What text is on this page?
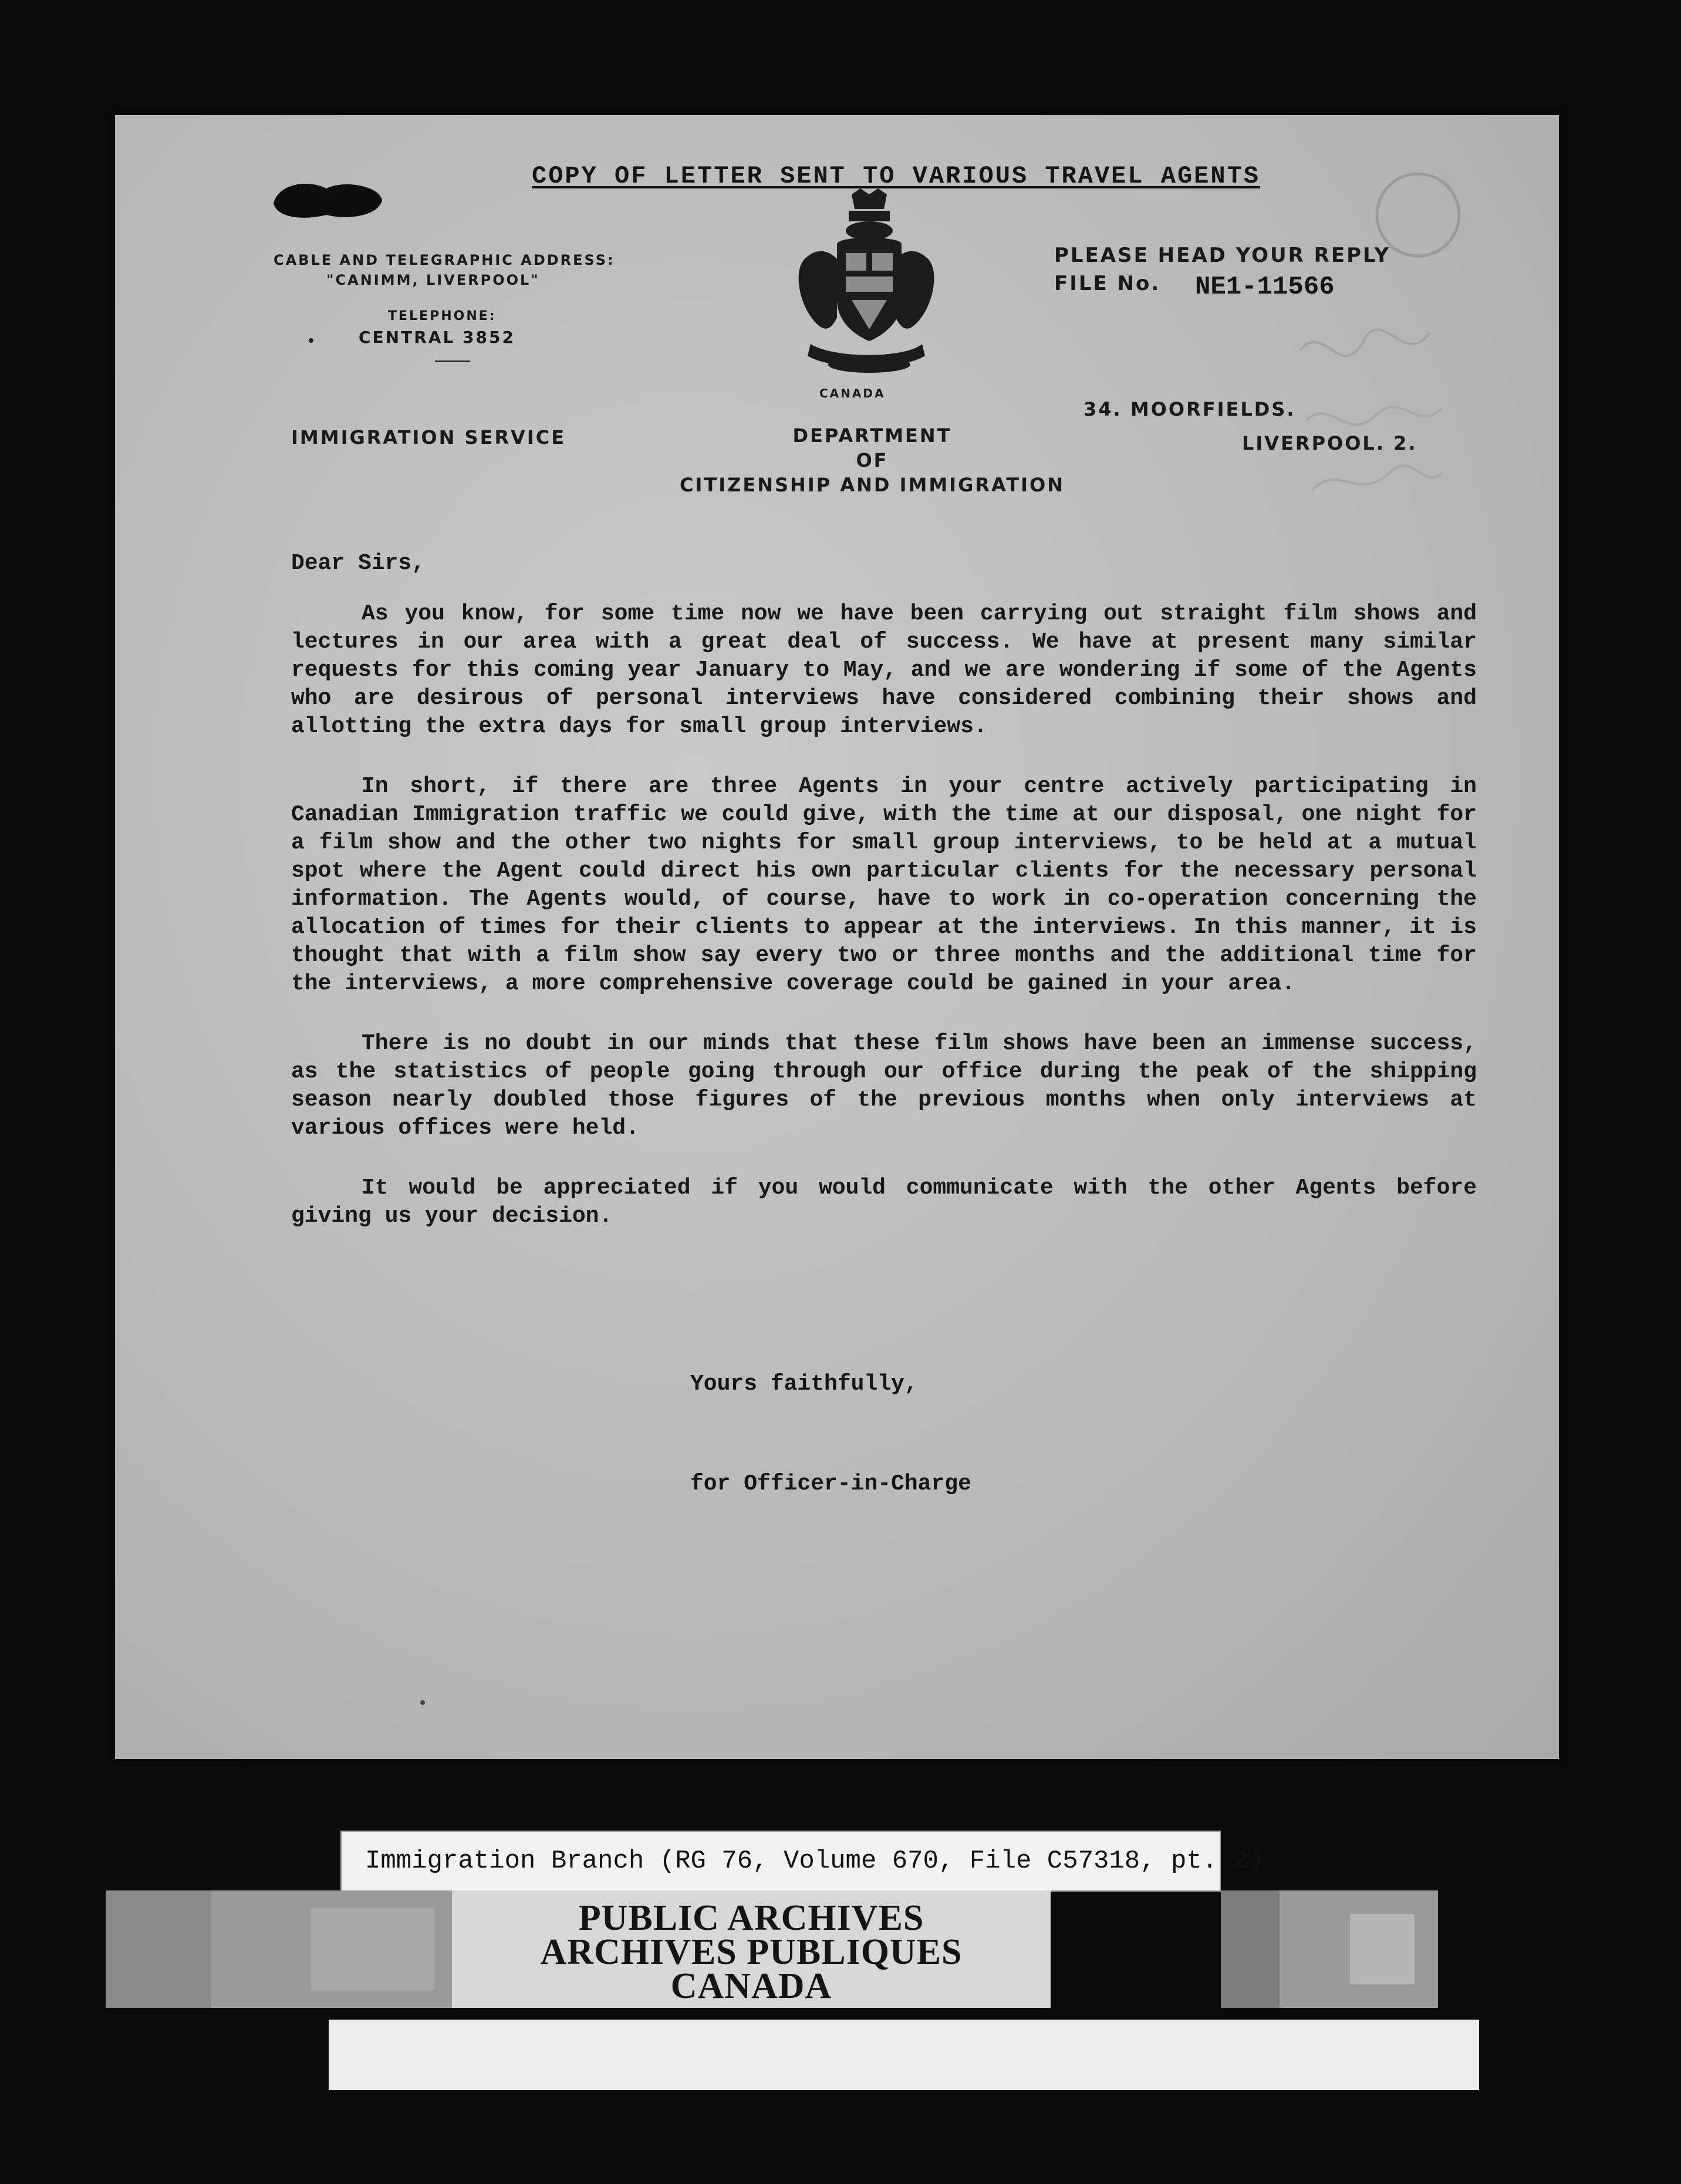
COPY OF LETTER SENT TO VARIOUS TRAVEL AGENTS
CABLE AND TELEGRAPHIC ADDRESS:
"CANIMM, LIVERPOOL"
TELEPHONE:
CENTRAL 3852
CANADA
PLEASE HEAD YOUR REPLY
FILE No.	NE1-11566
IMMIGRATION SERVICE	DEPARTMENT
OF
CITIZENSHIP AND IMMIGRATION
34. MOORFIELDS.
LIVERPOOL. 2.
Dear Sirs,

As you know, for some time now we have been carrying out straight film shows and lectures in our area with a great deal of success. We have at present many similar requests for this coming year January to May, and we are wondering if some of the Agents who are desirous of personal interviews have considered combining their shows and allotting the extra days for small group interviews.

In short, if there are three Agents in your centre actively participating in Canadian Immigration traffic we could give, with the time at our disposal, one night for a film show and the other two nights for small group interviews, to be held at a mutual spot where the Agent could direct his own particular clients for the necessary personal information. The Agents would, of course, have to work in co-operation concerning the allocation of times for their clients to appear at the interviews. In this manner, it is thought that with a film show say every two or three months and the additional time for the interviews, a more comprehensive coverage could be gained in your area.

There is no doubt in our minds that these film shows have been an immense success, as the statistics of people going through our office during the peak of the shipping season nearly doubled those figures of the previous months when only interviews at various offices were held.

It would be appreciated if you would communicate with the other Agents before giving us your decision.

Yours faithfully,
for Officer-in-Charge
Immigration Branch (RG 76, Volume 670, File C57318, pt. 2)
PUBLIC ARCHIVES
ARCHIVES PUBLIQUES
CANADA
